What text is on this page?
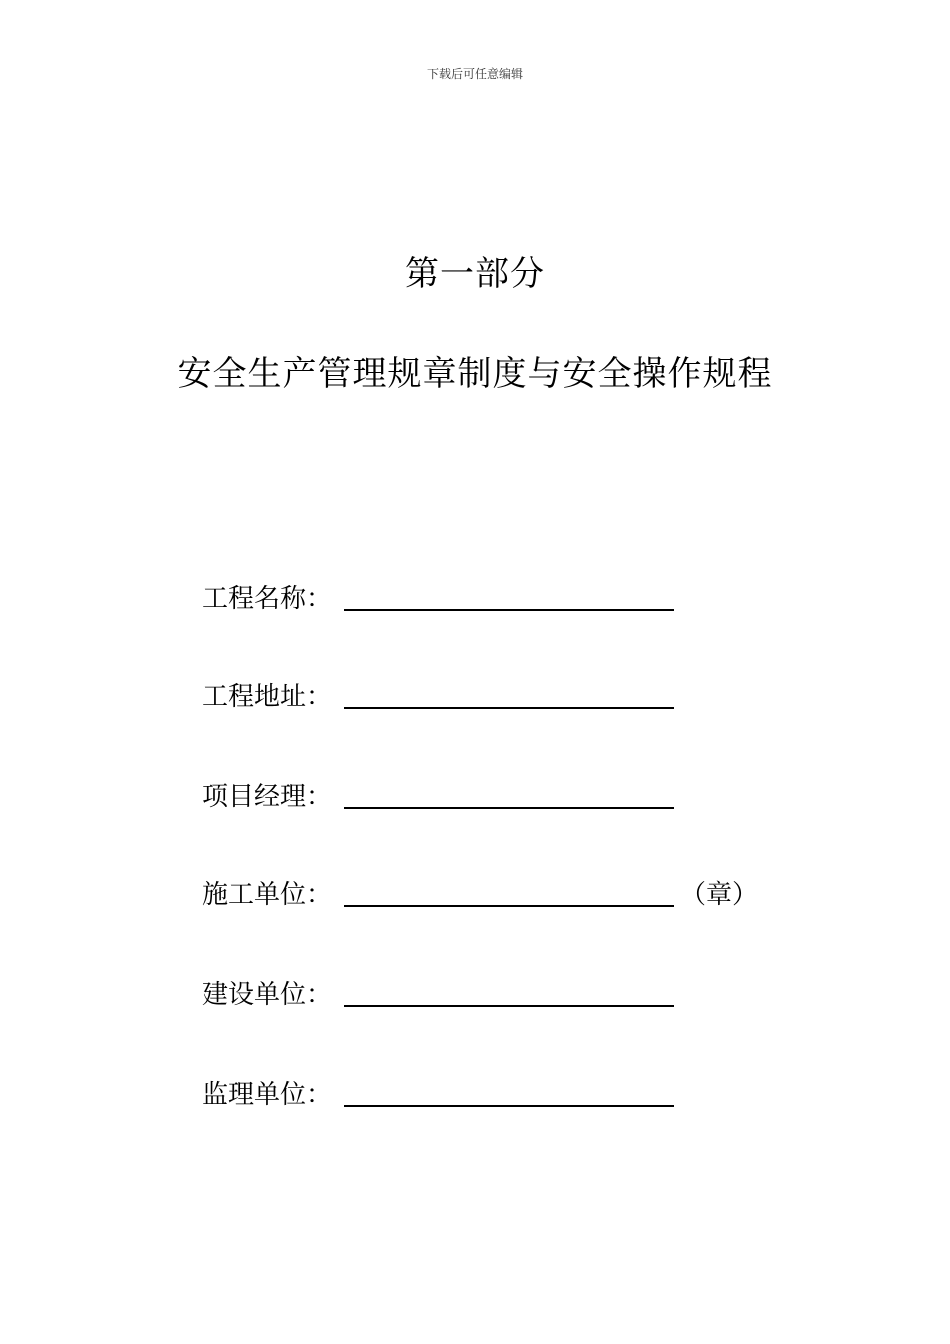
下载后可任意编辑
第一部分
安全生产管理规章制度与安全操作规程
工程名称：
工程地址：
项目经理：
施工单位：	（章）
建设单位：
监理单位：
